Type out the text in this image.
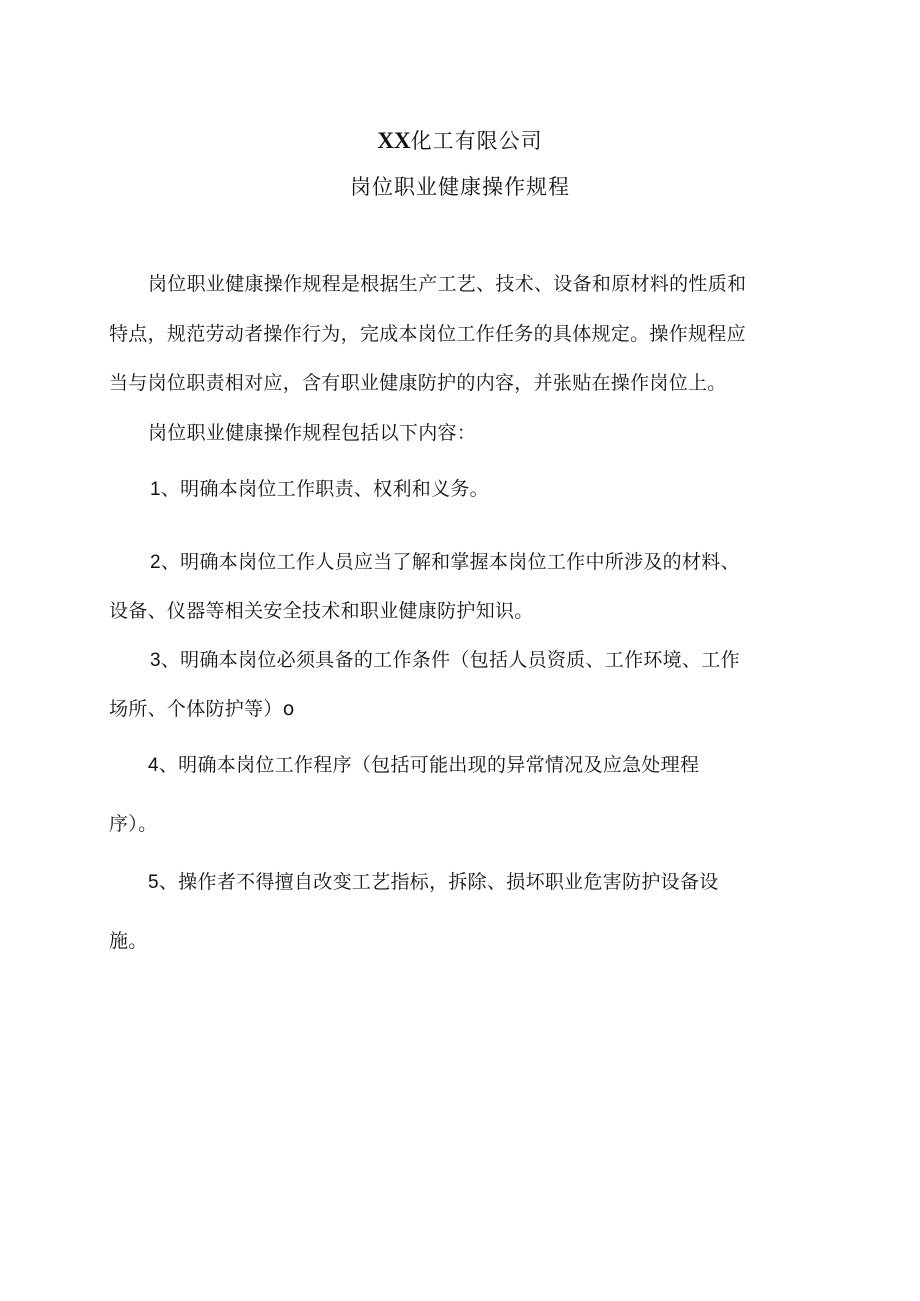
XX化工有限公司
岗位职业健康操作规程
岗位职业健康操作规程是根据生产工艺、技术、设备和原材料的性质和
特点，规范劳动者操作行为，完成本岗位工作任务的具体规定。操作规程应
当与岗位职责相对应，含有职业健康防护的内容，并张贴在操作岗位上。
岗位职业健康操作规程包括以下内容：
1、明确本岗位工作职责、权利和义务。
2、明确本岗位工作人员应当了解和掌握本岗位工作中所涉及的材料、
设备、仪器等相关安全技术和职业健康防护知识。
3、明确本岗位必须具备的工作条件（包括人员资质、工作环境、工作
场所、个体防护等）o
4、明确本岗位工作程序（包括可能出现的异常情况及应急处理程
序）。
5、操作者不得擅自改变工艺指标，拆除、损坏职业危害防护设备设
施。
